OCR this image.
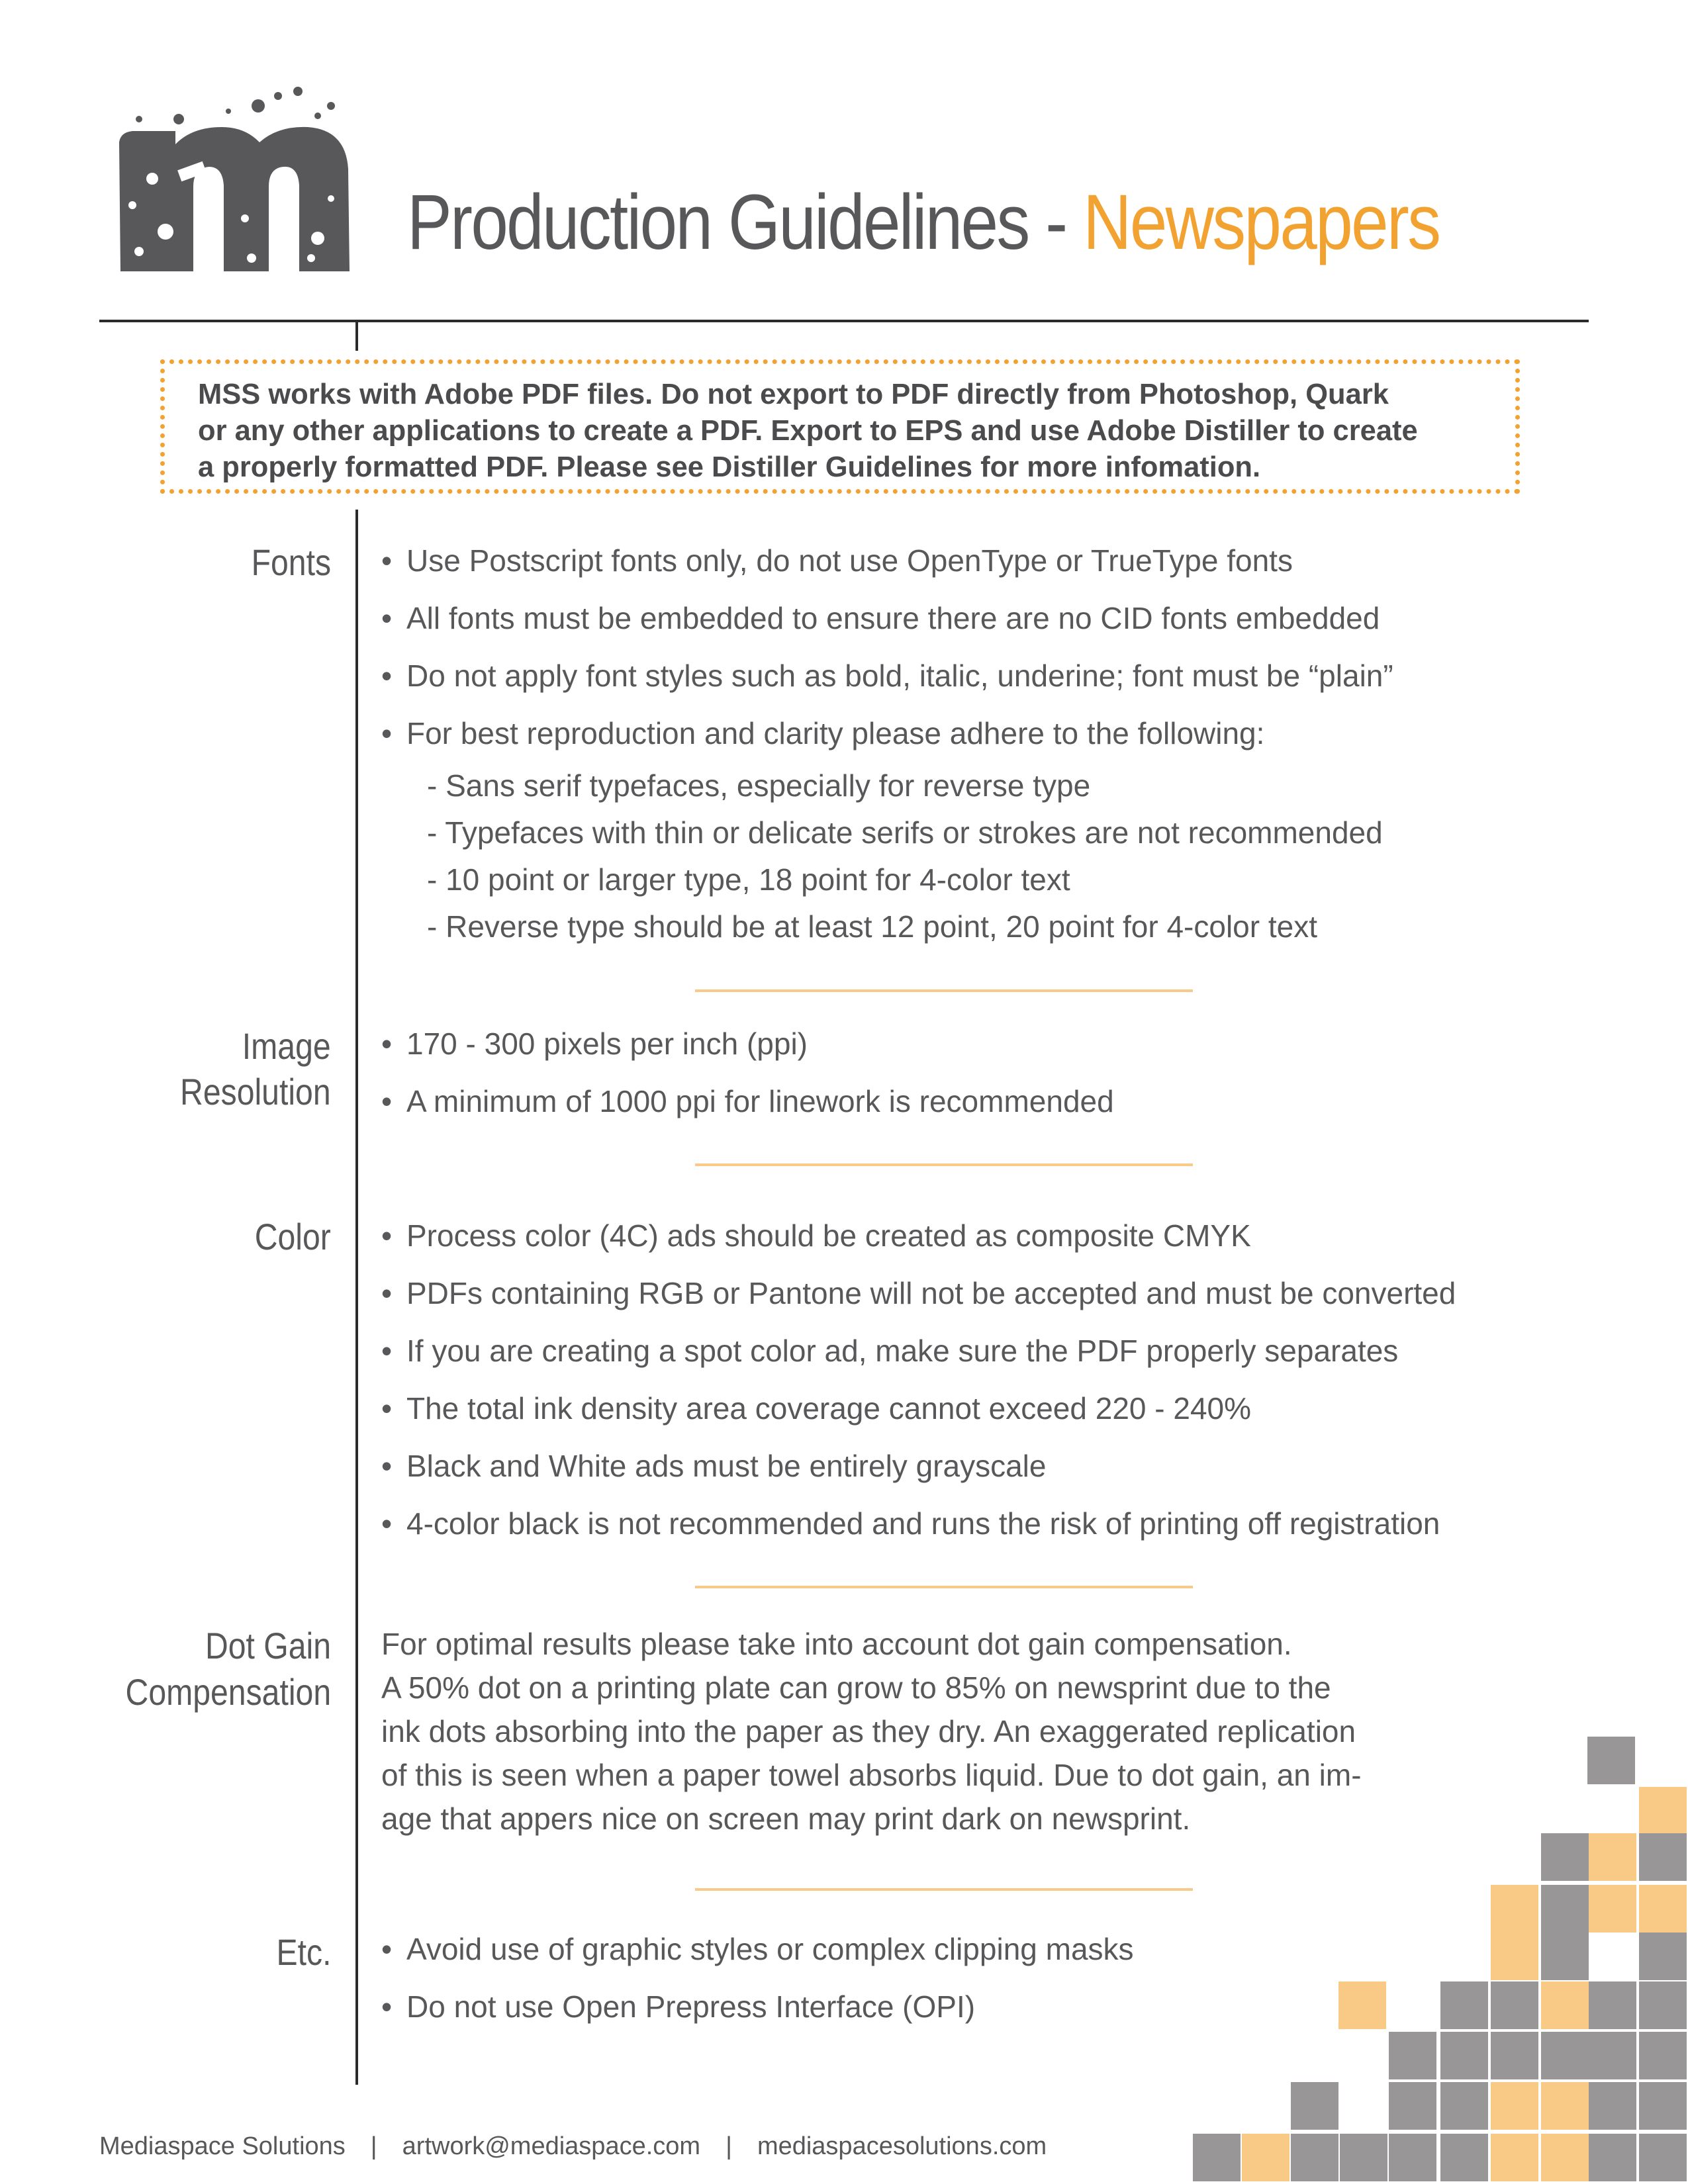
Production Guidelines - Newspapers
MSS works with Adobe PDF files. Do not export to PDF directly from Photoshop, Quark
or any other applications to create a PDF. Export to EPS and use Adobe Distiller to create
a properly formatted PDF. Please see Distiller Guidelines for more infomation.
Fonts • Use Postscript fonts only, do not use OpenType or TrueType fonts
• All fonts must be embedded to ensure there are no CID fonts embedded
• Do not apply font styles such as bold, italic, underine; font must be “plain”
• For best reproduction and clarity please adhere to the following:
- Sans serif typefaces, especially for reverse type
- Typefaces with thin or delicate serifs or strokes are not recommended
- 10 point or larger type, 18 point for 4-color text
- Reverse type should be at least 12 point, 20 point for 4-color text
Image
Resolution
• 170 - 300 pixels per inch (ppi)
• A minimum of 1000 ppi for linework is recommended
Color • Process color (4C) ads should be created as composite CMYK
• PDFs containing RGB or Pantone will not be accepted and must be converted
• If you are creating a spot color ad, make sure the PDF properly separates
• The total ink density area coverage cannot exceed 220 - 240%
• Black and White ads must be entirely grayscale
• 4-color black is not recommended and runs the risk of printing off registration
Dot Gain
Compensation
For optimal results please take into account dot gain compensation.
A 50% dot on a printing plate can grow to 85% on newsprint due to the
ink dots absorbing into the paper as they dry. An exaggerated replication
of this is seen when a paper towel absorbs liquid. Due to dot gain, an im-
age that appers nice on screen may print dark on newsprint.
Etc. • Avoid use of graphic styles or complex clipping masks
• Do not use Open Prepress Interface (OPI)
Mediaspace Solutions | artwork@mediaspace.com | mediaspacesolutions.com
